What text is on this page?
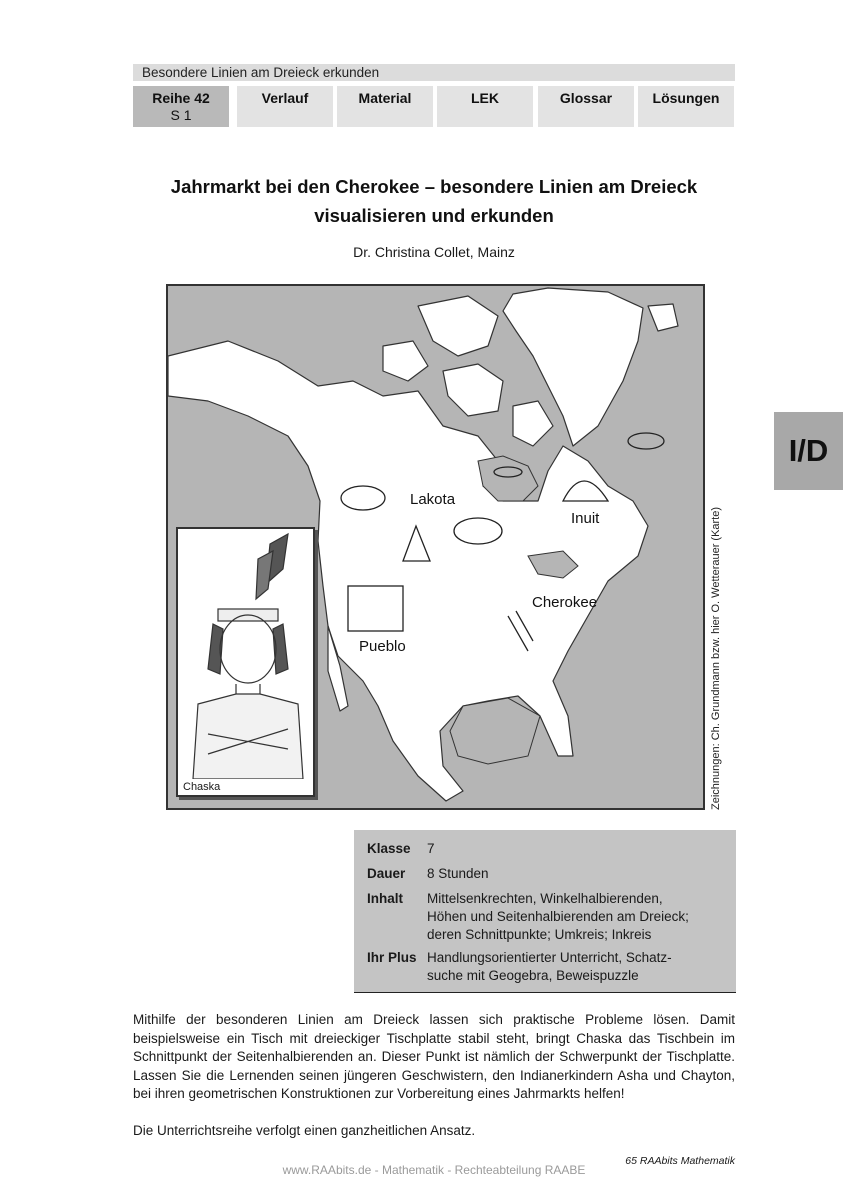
Besondere Linien am Dreieck erkunden
Reihe 42
S 1
Verlauf	Material	LEK	Glossar	Lösungen
Jahrmarkt bei den Cherokee – besondere Linien am Dreieck
visualisieren und erkunden
Dr. Christina Collet, Mainz
I/D
Lakota
Inuit
Cherokee
Pueblo
Chaska	Zeichnungen: Ch. Grundmann bzw. hier O. Wetterauer (Karte)
Klasse	7
Dauer	8 Stunden
Inhalt	Mittelsenkrechten, Winkelhalbierenden,
Höhen und Seitenhalbierenden am Dreieck;
deren Schnittpunkte; Umkreis; Inkreis
Ihr Plus Handlungsorientierter Unterricht, Schatz-
suche mit Geogebra, Beweispuzzle
Mithilfe der besonderen Linien am Dreieck lassen sich praktische Probleme lösen. Damit beispielsweise ein Tisch mit dreieckiger Tischplatte stabil steht, bringt Chaska das Tischbein im Schnittpunkt der Seitenhalbierenden an. Dieser Punkt ist nämlich der Schwerpunkt der Tischplatte. Lassen Sie die Lernenden seinen jüngeren Geschwistern, den Indianerkindern Asha und Chayton, bei ihren geometrischen Konstruktionen zur Vorbereitung eines Jahrmarkts helfen!
Die Unterrichtsreihe verfolgt einen ganzheitlichen Ansatz.
65 RAAbits Mathematik
www.RAAbits.de - Mathematik - Rechteabteilung RAABE
